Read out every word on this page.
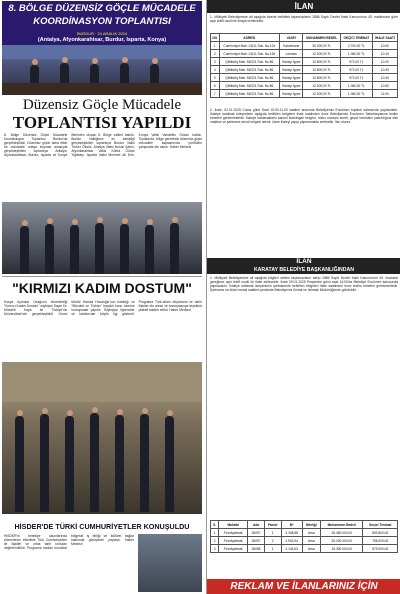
8. BÖLGE DÜZENSİZ GÖÇLE MÜCADELE
KOORDİNASYON TOPLANTISI
BURDUR · 24 ARALIK 2024
(Antalya, Afyonkarahisar, Burdur, Isparta, Konya)
Düzensiz Göçle Mücadele
TOPLANTISI YAPILDI
8. Bölge Düzensiz Göçle Mücadele Koordinasyon Toplantısı Burdur'da gerçekleştirildi. Düzensiz göçle daha etkin bir mücadele ortaya koymak amacıyla gerçekleştirilen toplantıya Antalya, Afyonkarahisar, Burdur, Isparta ve Konya illerinden oluşan 8. Bölge valileri katıldı. Burdur Valiliğince ev sahipliği gerçekleştirilen toplantıya Burdur Valisi Türker Öksüz, Antalya Valisi Hulusi Şahin, Afyonkarahisar Valisi Kübra Güran Yiğitbaşı, Isparta Valisi Mehmet Ali Erin, Konya Valisi Vahdettin Özkan katıldı. Toplantıda, bölge genelinde düzensiz göçle mücadele kapsamında yürütülen çalışmalar ele alındı. Haber Merkezi
"KIRMIZI KADIM DOSTUM"
Konya Aydınlar Ocağının düzenlediği "Kırmızı Kadim Dostum" söyleşisi Sayın Dr. Mücahit Kaya ile Türkiye'nin Üniversitesi'nde gerçekleştirildi. Genel Müdür Hamza Hocaoğlu'nun katıldığı ve "Mücahit ve Türkler" başlıklı konu üzerine konuşmalar yapıldı. Söyleşiye öğrenciler ve katılımcılar büyük ilgi gösterdi. Programa Türk-İslam düşüncesi ve tarihî ilişkiler ele alındı ve konuşmacıya teşekkür plaketi takdim edildi. Haber Merkezi
HİSDER'DE TÜRKİ CUMHURİYETLER KONUŞULDU
HİSDER'in belediye salonlarında düzenlenen etkinlikte Türk Cumhuriyetleri ile ilişkiler ve ortak tarih konuları değerlendirildi. Programa katılan konuklar bölgesel iş birliği ve kültürel bağlar hakkında görüşlerini paylaştı. Haber Merkezi
İLAN
1- Mülkiyeti Belediyemize ait aşağıda listede belirtilen taşınmazların 2886 Sayılı Devlet İhale Kanunu'nun 45. maddesine göre açık teklif usulü ile kiraya verilecektir.
NO	ADRESİ	VASFI	MUHAMMEN BEDEL	GEÇİCİ TEMİNAT	İHALE SAATİ
1	Cumhuriyet Mah. 01111 Sok. No:124	Kahvehane	30.000,00 TL	2.700,00 TL	10:00
2	Cumhuriyet Mah. 01111 Sok. No:126	Lokman	12.000,00 TL	1.080,00 TL	10:10
3	Çiftlikköy Mah. M0221 Sok. No:56	Sanayi İşyeri	10.800,00 TL	972,00 TL	10:20
4	Çiftlikköy Mah. M0221 Sok. No:56	Sanayi İşyeri	10.800,00 TL	972,00 TL	10:30
5	Çiftlikköy Mah. M0221 Sok. No:56	Sanayi İşyeri	10.800,00 TL	972,00 TL	10:40
6	Çiftlikköy Mah. M0221 Sok. No:56	Sanayi İşyeri	12.000,00 TL	1.080,00 TL	10:50
7	Çiftlikköy Mah. M0221 Sok. No:56	Sanayi İşyeri	12.000,00 TL	1.080,00 TL	11:00
2- İhale, 02.01.2025 Cuma günü Saat 10:00-11:00 saatleri arasında Belediyemiz Encümen toplantı salonunda yapılacaktır. İhaleye katılmak isteyenlerin aşağıda belirtilen belgeleri ihale saatinden önce Belediyemiz Encümen Sekretaryasına teslim etmeleri gerekmektedir. İhaleye katılacakların kanuni ikametgah belgesi, nüfus cüzdanı sureti, geçici teminatın yatırıldığına dair makbuz ve şartname alındı belgesi istenir. İdare ihaleyi yapıp yapmamakta serbesttir. İlan olunur.
İLAN
KARATAY BELEDİYE BAŞKANLIĞINDAN
1- Mülkiyeti Belediyemize ait aşağıda bilgileri verilen taşınmazların satışı 2886 Sayılı Devlet İhale Kanunu'nun 45. maddesi gereğince açık teklif usulü ile ihale edilecektir. İhale 09.01.2025 Perşembe günü saat 14:00'da Belediye Encümen salonunda yapılacaktır. İhaleye katılmak isteyenlerin şartnamede belirtilen belgeleri ihale saatinden önce teslim etmeleri gerekmektedir. Şartname ve ekleri mesai saatleri içerisinde Belediyemiz Emlak ve İstimlak Müdürlüğünde görülebilir.
S.	Mahalle	Ada	Parsel	M²	Niteliği	Muhammen Bedeli	Geçici Teminat
1	Fevziçakmak	36097	1	3.308,88	Arsa	28.450.000,00	853.500,00
2	Fevziçakmak	36097	2	2.931,94	Arsa	25.200.000,00	756.000,00
3	Fevziçakmak	36098	1	2.144,63	Arsa	19.300.000,00	579.000,00
REKLAM VE İLANLARINIZ İÇİN
